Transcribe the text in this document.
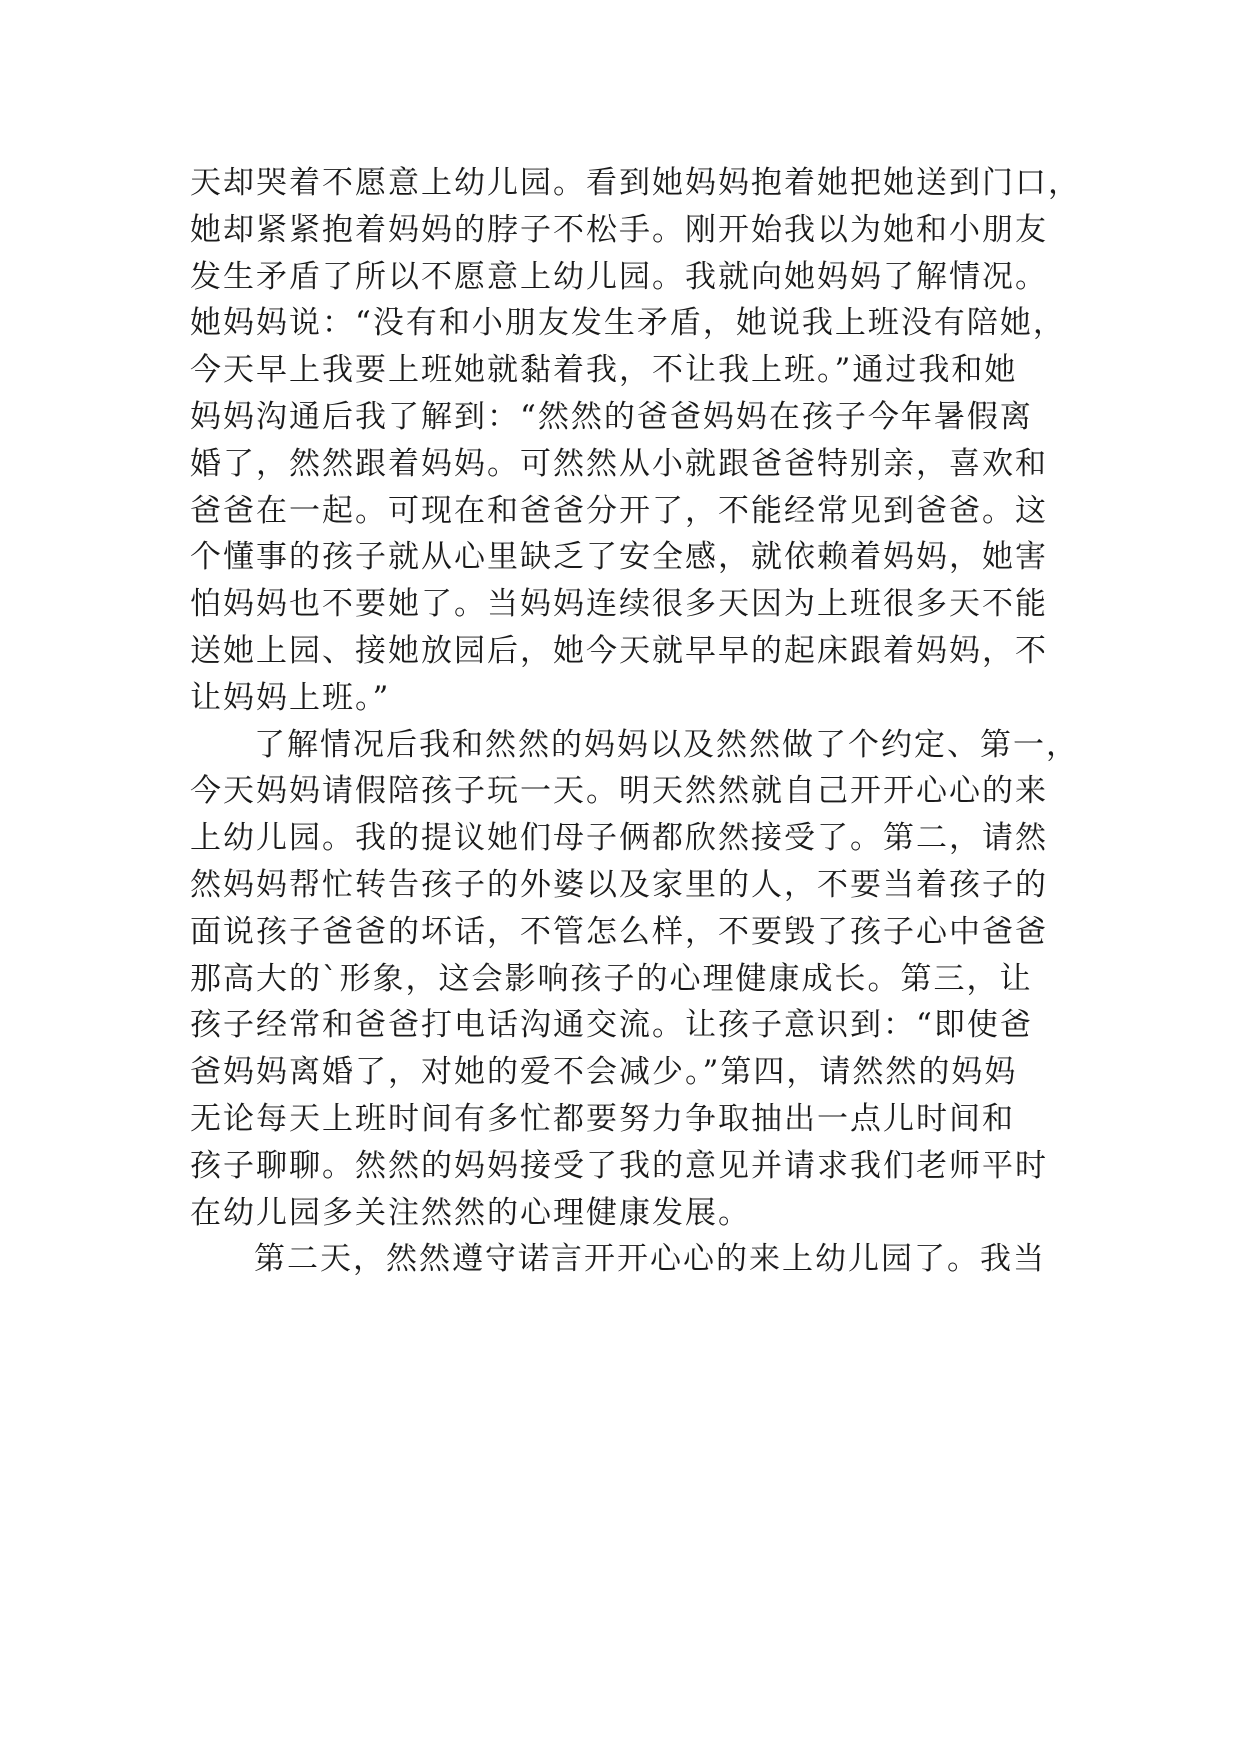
天却哭着不愿意上幼儿园。看到她妈妈抱着她把她送到门口，
她却紧紧抱着妈妈的脖子不松手。刚开始我以为她和小朋友
发生矛盾了所以不愿意上幼儿园。我就向她妈妈了解情况。
她妈妈说：“没有和小朋友发生矛盾，她说我上班没有陪她，
今天早上我要上班她就黏着我，不让我上班。”通过我和她
妈妈沟通后我了解到：“然然的爸爸妈妈在孩子今年暑假离
婚了，然然跟着妈妈。可然然从小就跟爸爸特别亲，喜欢和
爸爸在一起。可现在和爸爸分开了，不能经常见到爸爸。这
个懂事的孩子就从心里缺乏了安全感，就依赖着妈妈，她害
怕妈妈也不要她了。当妈妈连续很多天因为上班很多天不能
送她上园、接她放园后，她今天就早早的起床跟着妈妈，不
让妈妈上班。”
了解情况后我和然然的妈妈以及然然做了个约定、第一，
今天妈妈请假陪孩子玩一天。明天然然就自己开开心心的来
上幼儿园。我的提议她们母子俩都欣然接受了。第二，请然
然妈妈帮忙转告孩子的外婆以及家里的人，不要当着孩子的
面说孩子爸爸的坏话，不管怎么样，不要毁了孩子心中爸爸
那高大的`形象，这会影响孩子的心理健康成长。第三，让
孩子经常和爸爸打电话沟通交流。让孩子意识到：“即使爸
爸妈妈离婚了，对她的爱不会减少。”第四，请然然的妈妈
无论每天上班时间有多忙都要努力争取抽出一点儿时间和
孩子聊聊。然然的妈妈接受了我的意见并请求我们老师平时
在幼儿园多关注然然的心理健康发展。
第二天，然然遵守诺言开开心心的来上幼儿园了。我当
